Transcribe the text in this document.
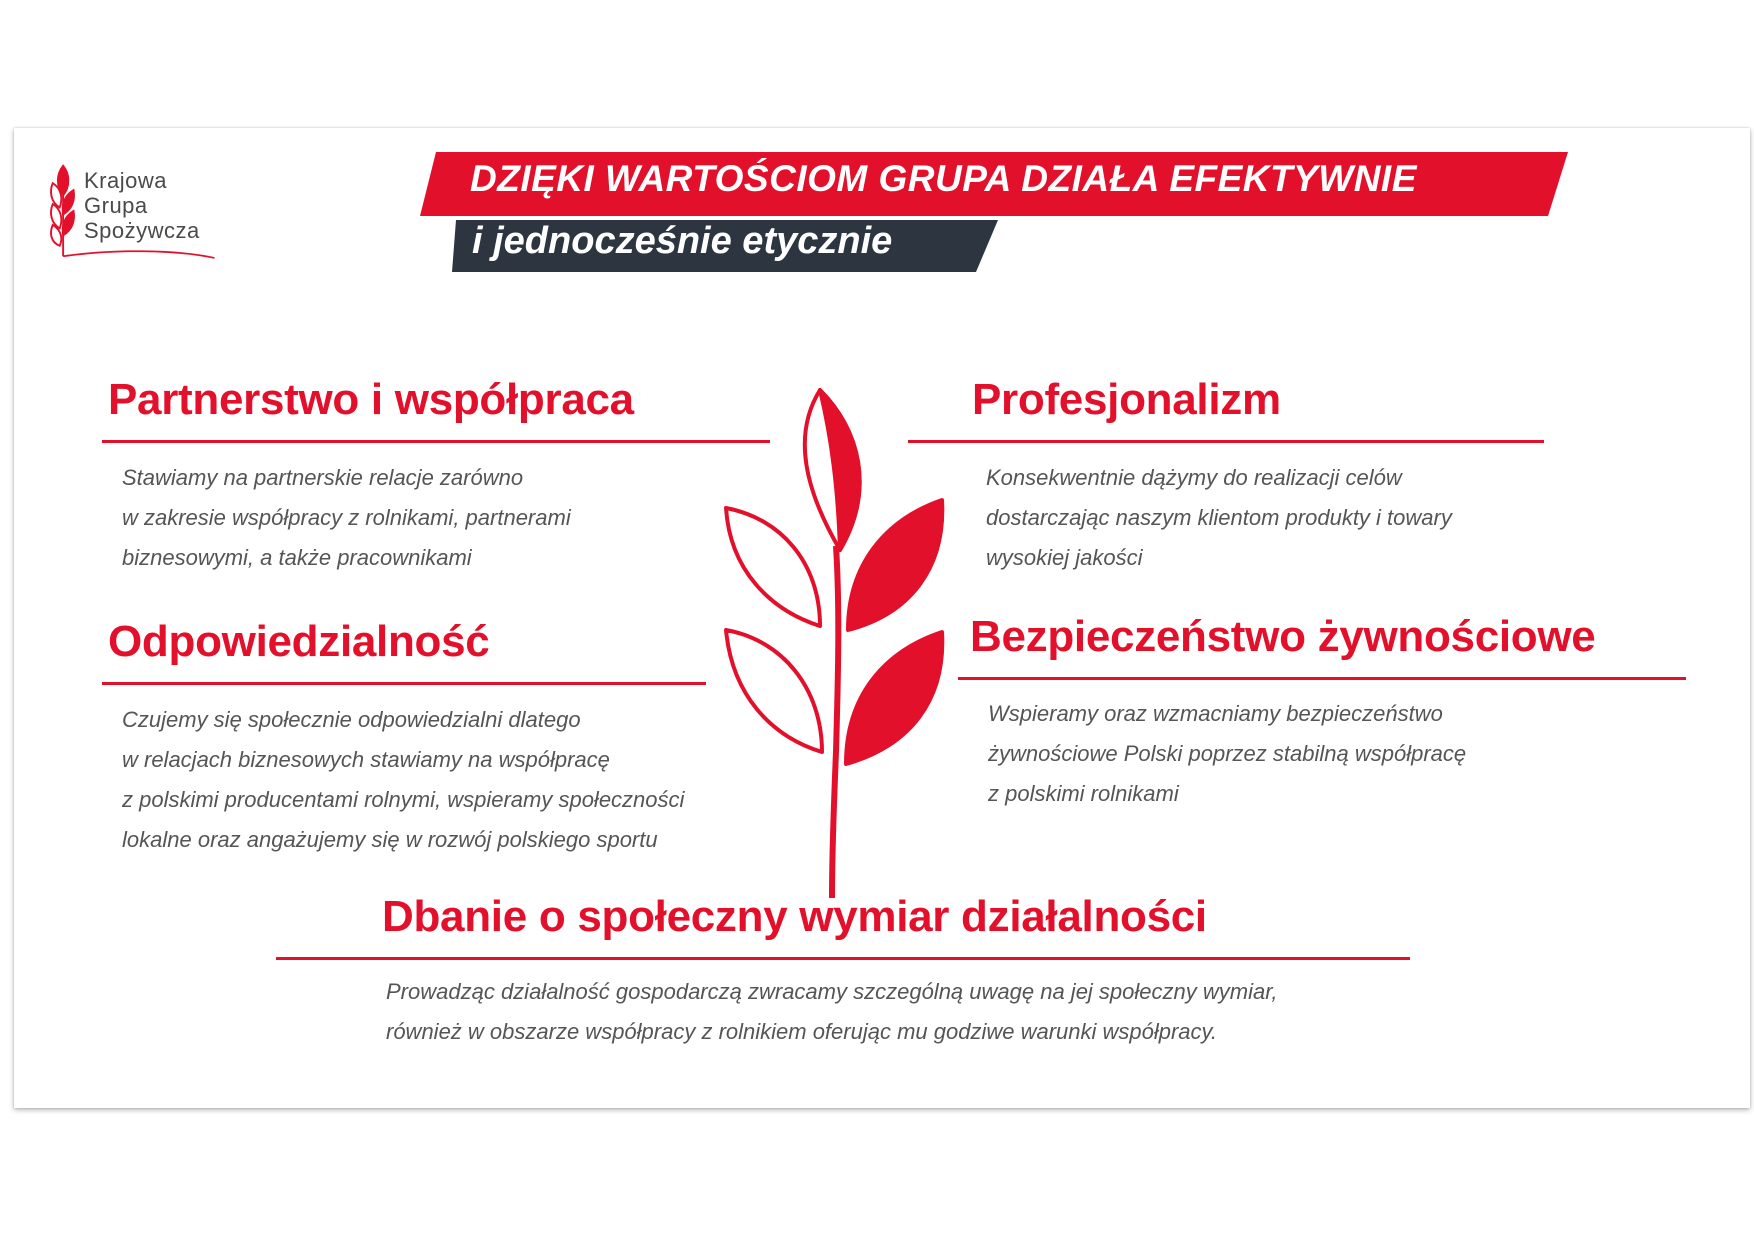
Krajowa
Grupa
Spożywcza
DZIĘKI WARTOŚCIOM GRUPA DZIAŁA EFEKTYWNIE
i jednocześnie etycznie
Partnerstwo i współpraca
Stawiamy na partnerskie relacje zarówno
w zakresie współpracy z rolnikami, partnerami
biznesowymi, a także pracownikami
Profesjonalizm
Konsekwentnie dążymy do realizacji celów
dostarczając naszym klientom produkty i towary
wysokiej jakości
Odpowiedzialność
Czujemy się społecznie odpowiedzialni dlatego
w relacjach biznesowych stawiamy na współpracę
z polskimi producentami rolnymi, wspieramy społeczności
lokalne oraz angażujemy się w rozwój polskiego sportu
Bezpieczeństwo żywnościowe
Wspieramy oraz wzmacniamy bezpieczeństwo
żywnościowe Polski poprzez stabilną współpracę
z polskimi rolnikami
Dbanie o społeczny wymiar działalności
Prowadząc działalność gospodarczą zwracamy szczególną uwagę na jej społeczny wymiar,
również w obszarze współpracy z rolnikiem oferując mu godziwe warunki współpracy.
